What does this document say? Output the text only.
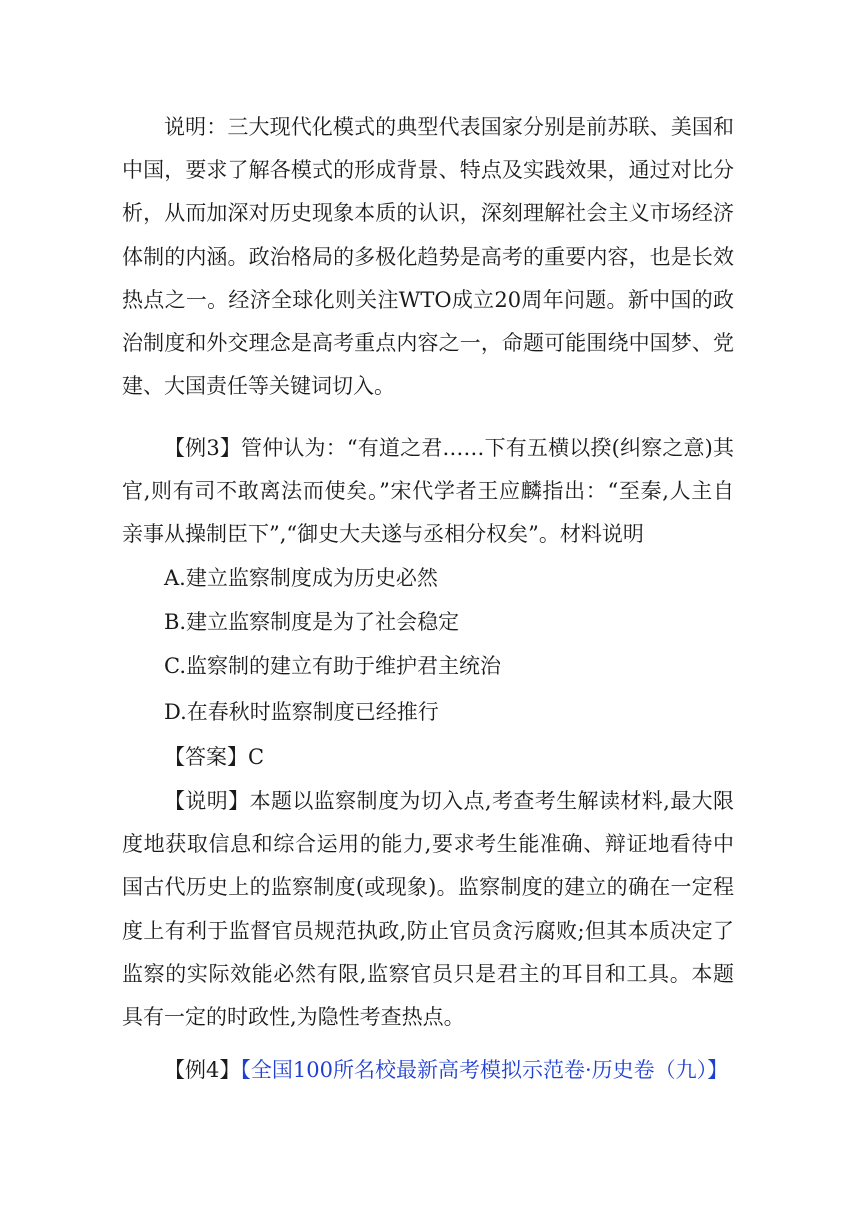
说明：三大现代化模式的典型代表国家分别是前苏联、美国和中国，要求了解各模式的形成背景、特点及实践效果，通过对比分析，从而加深对历史现象本质的认识，深刻理解社会主义市场经济体制的内涵。政治格局的多极化趋势是高考的重要内容，也是长效热点之一。经济全球化则关注WTO成立20周年问题。新中国的政治制度和外交理念是高考重点内容之一，命题可能围绕中国梦、党建、大国责任等关键词切入。

【例3】管仲认为：“有道之君……下有五横以揆(纠察之意)其官,则有司不敢离法而使矣。”宋代学者王应麟指出：“至秦,人主自亲事从操制臣下”,“御史大夫遂与丞相分权矣”。材料说明

A.建立监察制度成为历史必然

B.建立监察制度是为了社会稳定

C.监察制的建立有助于维护君主统治

D.在春秋时监察制度已经推行

【答案】C

【说明】本题以监察制度为切入点,考查考生解读材料,最大限度地获取信息和综合运用的能力,要求考生能准确、辩证地看待中国古代历史上的监察制度(或现象)。监察制度的建立的确在一定程度上有利于监督官员规范执政,防止官员贪污腐败;但其本质决定了监察的实际效能必然有限,监察官员只是君主的耳目和工具。本题具有一定的时政性,为隐性考查热点。

【例4】【全国100所名校最新高考模拟示范卷·历史卷（九）】
